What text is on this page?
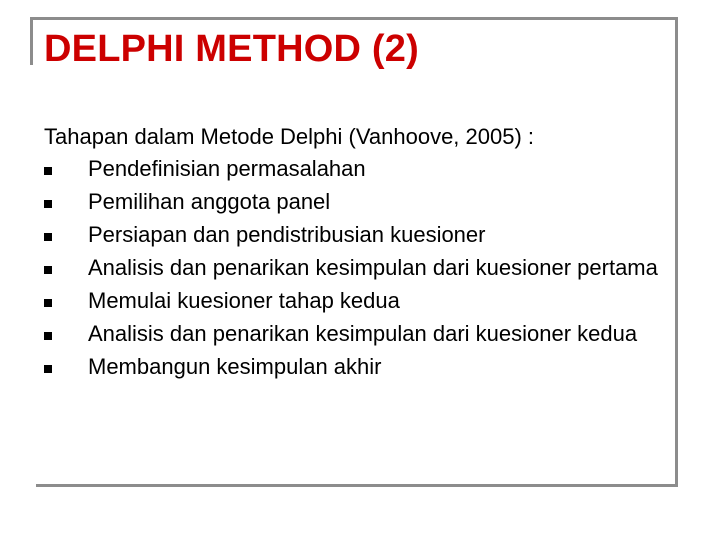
DELPHI METHOD (2)

Tahapan dalam Metode Delphi (Vanhoove, 2005) :

Pendefinisian permasalahan
Pemilihan anggota panel
Persiapan dan pendistribusian kuesioner
Analisis dan penarikan kesimpulan dari kuesioner pertama
Memulai kuesioner tahap kedua
Analisis dan penarikan kesimpulan dari kuesioner kedua
Membangun kesimpulan akhir
